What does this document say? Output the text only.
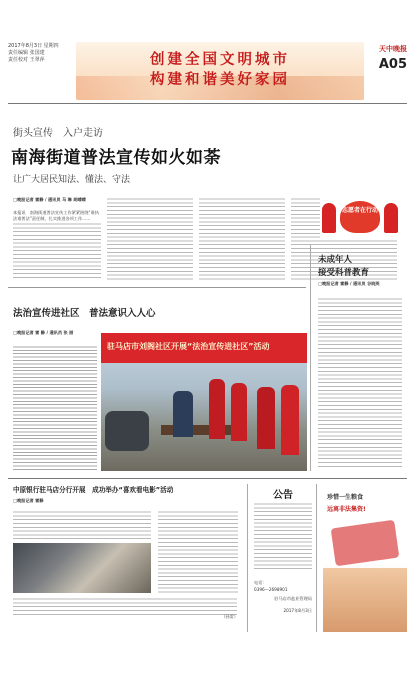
2017年8月3日 星期四
责任编辑 张国建
责任校对 王翠萍	创建全国文明城市
构建和谐美好家园
天中晚报
A05
街头宣传　入户走访
南海街道普法宣传如火如荼
让广大居民知法、懂法、守法
□晚报记者 雷静 / 通讯员 马 琳 胡晴晴
本报讯　南海街道普法宣传工作紧紧围绕“谁执法谁普法”责任制，扎实推进各项工作……
志愿者在行动
未成年人
接受科普教育
□晚报记者 雷静 / 通讯员 谷晓英
法治宣传进社区　普法意识入人心
□晚报记者 雷 静 / 通讯员 张 丽
驻马店市刘阁社区开展“法治宣传进社区”活动
中原银行驻马店分行开展　成功举办“喜欢看电影”活动
□晚报记者 雷静
（孙雷）
公告
电话：
0396—2698901
驻马店市盐业管理局
2017年8月3日
珍惜一生粮食
远离非法集资!
